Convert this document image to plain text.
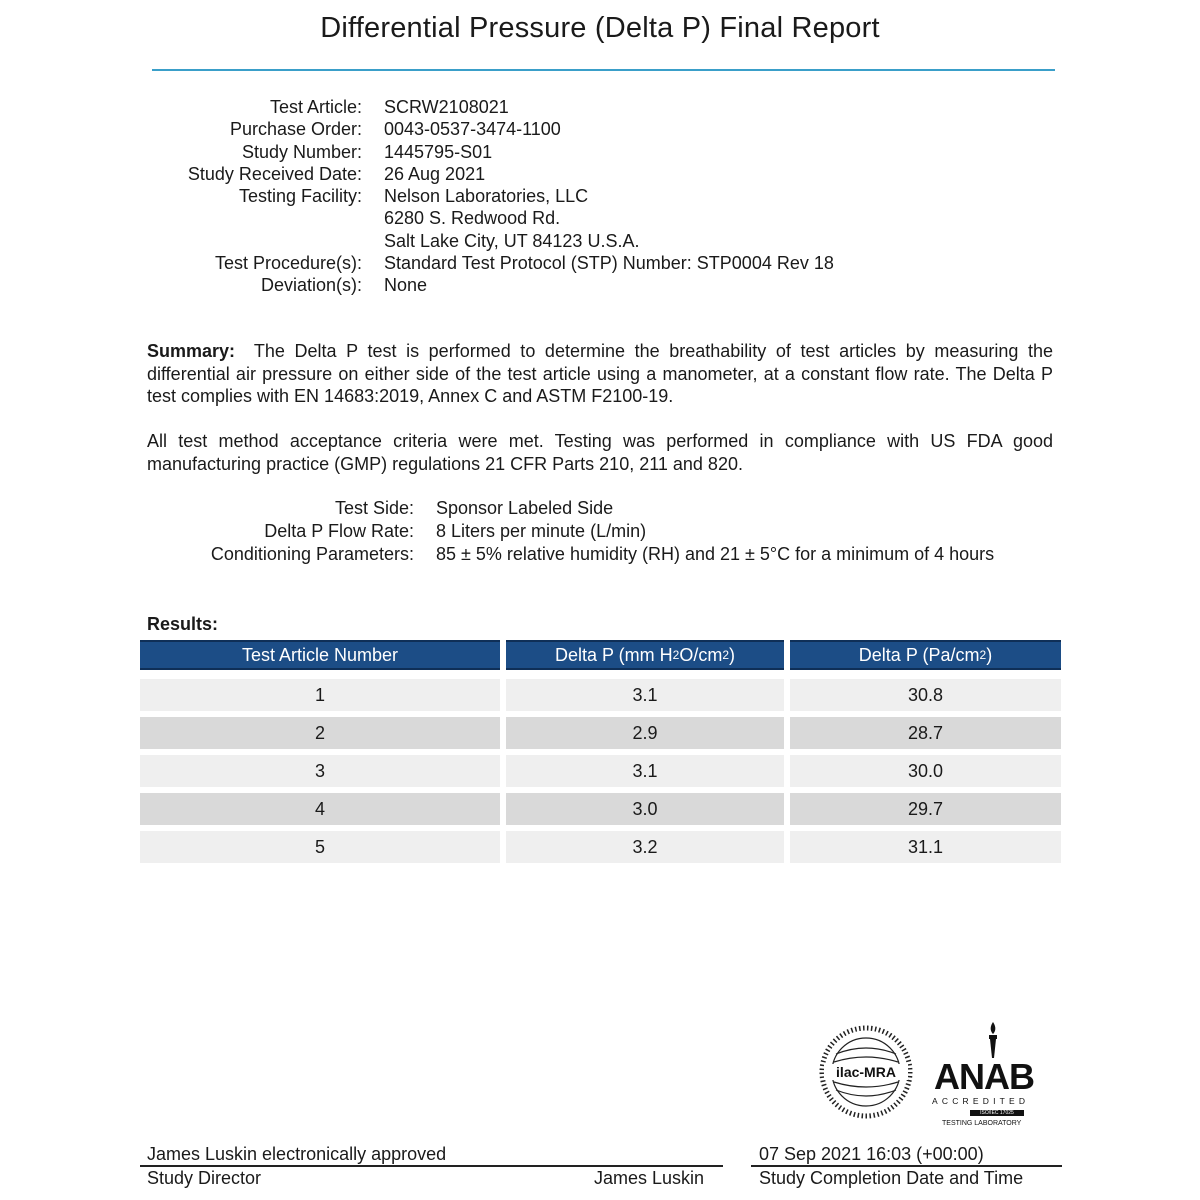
Differential Pressure (Delta P) Final Report
Test Article: SCRW2108021
Purchase Order: 0043-0537-3474-1100
Study Number: 1445795-S01
Study Received Date: 26 Aug 2021
Testing Facility: Nelson Laboratories, LLC
6280 S. Redwood Rd.
Salt Lake City, UT 84123 U.S.A.
Test Procedure(s): Standard Test Protocol (STP) Number: STP0004 Rev 18
Deviation(s): None
Summary: The Delta P test is performed to determine the breathability of test articles by measuring the differential air pressure on either side of the test article using a manometer, at a constant flow rate. The Delta P test complies with EN 14683:2019, Annex C and ASTM F2100-19.
All test method acceptance criteria were met. Testing was performed in compliance with US FDA good manufacturing practice (GMP) regulations 21 CFR Parts 210, 211 and 820.
Test Side: Sponsor Labeled Side
Delta P Flow Rate: 8 Liters per minute (L/min)
Conditioning Parameters: 85 ± 5% relative humidity (RH) and 21 ± 5°C for a minimum of 4 hours
Results:
Test Article Number	Delta P (mm H 2 O/cm 2 )	Delta P (Pa/cm 2 )
1	3.1	30.8
2	2.9	28.7
3	3.1	30.0
4	3.0	29.7
5	3.2	31.1
ilac-MRA ANAB
ACCREDITED
ISO/IEC 17025
TESTING LABORATORY
James Luskin electronically approved
Study Director	James Luskin
07 Sep 2021 16:03 (+00:00)
Study Completion Date and Time
